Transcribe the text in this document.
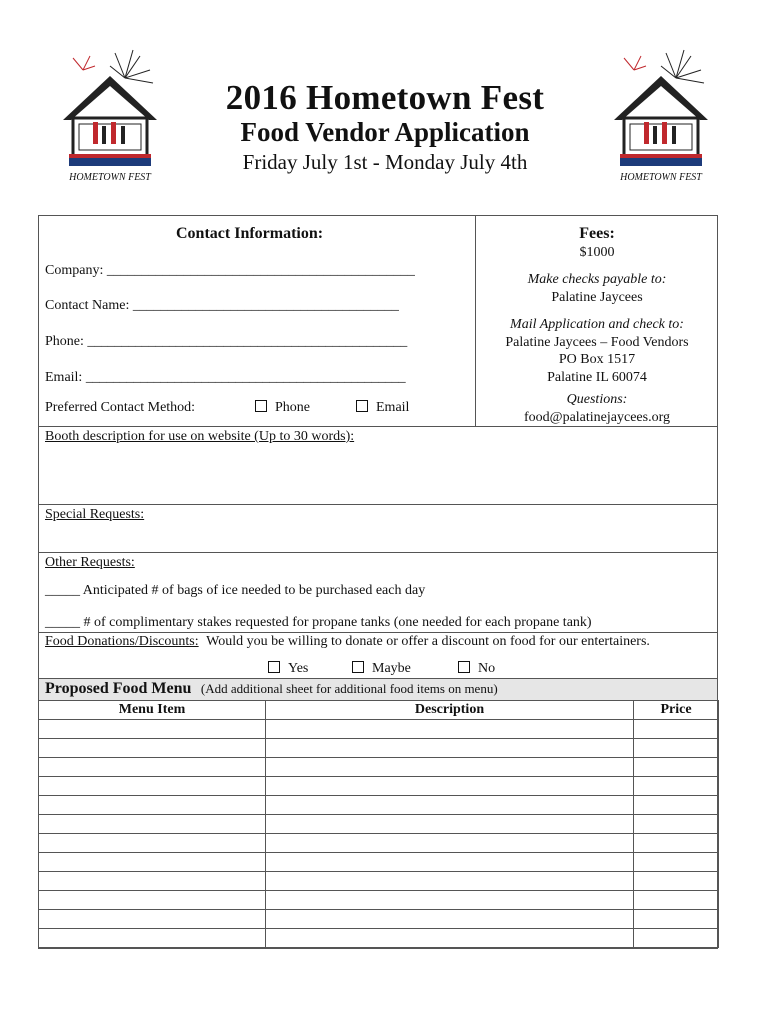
HOMETOWN FEST	HOMETOWN FEST
2016 Hometown Fest
Food Vendor Application
Friday July 1st - Monday July 4th
Contact Information:
Company: ____________________________________________
Contact Name: ______________________________________
Phone: _______________________________________________
Email: _______________________________________________
Preferred Contact Method:	Phone	Email
Fees:
$1000
Make checks payable to:
Palatine Jaycees
Mail Application and check to:
Palatine Jaycees – Food Vendors
PO Box 1517
Palatine IL 60074
Questions:
food@palatinejaycees.org
Booth description for use on website (Up to 30 words):
Special Requests:
Other Requests:
_____ Anticipated # of bags of ice needed to be purchased each day
_____ # of complimentary stakes requested for propane tanks (one needed for each propane tank)
Food Donations/Discounts: Would you be willing to donate or offer a discount on food for our entertainers.
Yes	Maybe	No
Proposed Food Menu (Add additional sheet for additional food items on menu)
Menu Item	Description	Price
